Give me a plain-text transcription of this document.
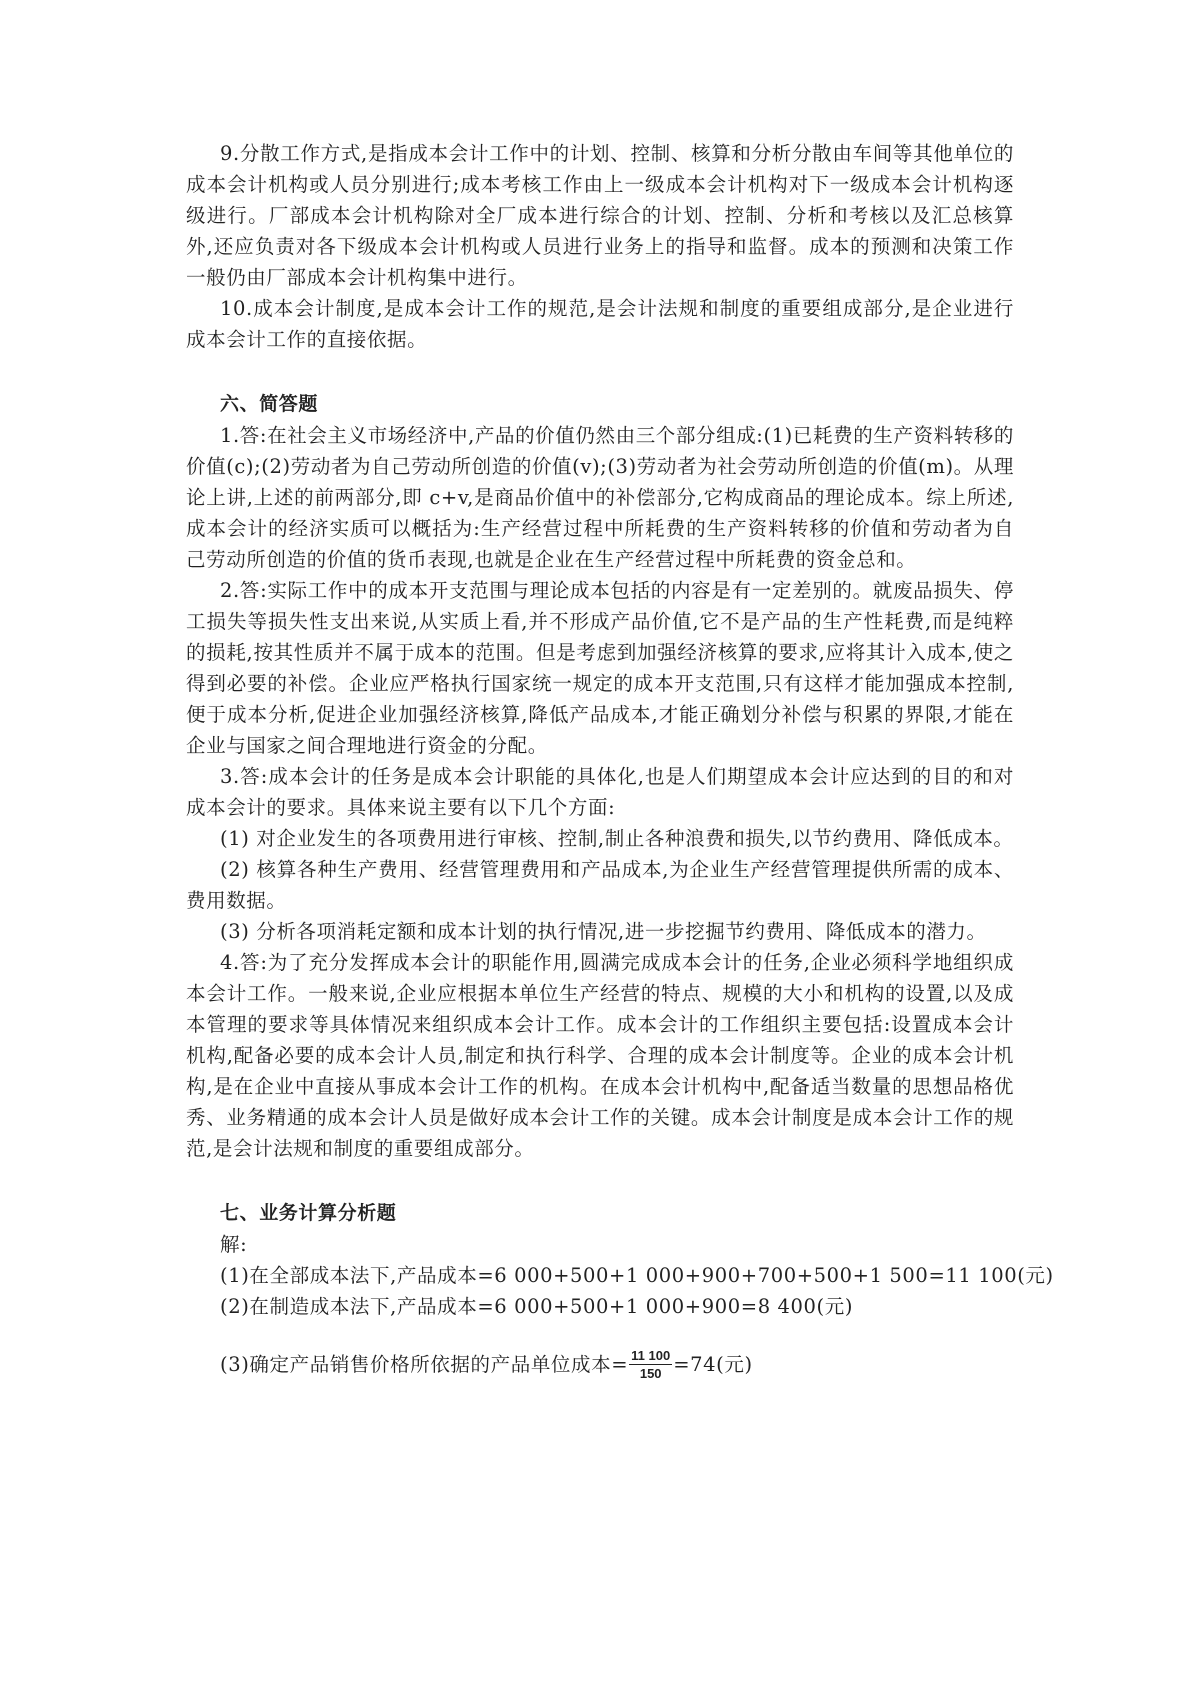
9.分散工作方式,是指成本会计工作中的计划、控制、核算和分析分散由车间等其他单位的成本会计机构或人员分别进行;成本考核工作由上一级成本会计机构对下一级成本会计机构逐级进行。厂部成本会计机构除对全厂成本进行综合的计划、控制、分析和考核以及汇总核算外,还应负责对各下级成本会计机构或人员进行业务上的指导和监督。成本的预测和决策工作一般仍由厂部成本会计机构集中进行。

10.成本会计制度,是成本会计工作的规范,是会计法规和制度的重要组成部分,是企业进行成本会计工作的直接依据。

六、简答题

1.答:在社会主义市场经济中,产品的价值仍然由三个部分组成:(1)已耗费的生产资料转移的价值(c);(2)劳动者为自己劳动所创造的价值(v);(3)劳动者为社会劳动所创造的价值(m)。从理论上讲,上述的前两部分,即 c+v,是商品价值中的补偿部分,它构成商品的理论成本。综上所述,成本会计的经济实质可以概括为:生产经营过程中所耗费的生产资料转移的价值和劳动者为自己劳动所创造的价值的货币表现,也就是企业在生产经营过程中所耗费的资金总和。

2.答:实际工作中的成本开支范围与理论成本包括的内容是有一定差别的。就废品损失、停工损失等损失性支出来说,从实质上看,并不形成产品价值,它不是产品的生产性耗费,而是纯粹的损耗,按其性质并不属于成本的范围。但是考虑到加强经济核算的要求,应将其计入成本,使之得到必要的补偿。企业应严格执行国家统一规定的成本开支范围,只有这样才能加强成本控制,便于成本分析,促进企业加强经济核算,降低产品成本,才能正确划分补偿与积累的界限,才能在企业与国家之间合理地进行资金的分配。

3.答:成本会计的任务是成本会计职能的具体化,也是人们期望成本会计应达到的目的和对成本会计的要求。具体来说主要有以下几个方面:

(1) 对企业发生的各项费用进行审核、控制,制止各种浪费和损失,以节约费用、降低成本。

(2) 核算各种生产费用、经营管理费用和产品成本,为企业生产经营管理提供所需的成本、费用数据。

(3) 分析各项消耗定额和成本计划的执行情况,进一步挖掘节约费用、降低成本的潜力。

4.答:为了充分发挥成本会计的职能作用,圆满完成成本会计的任务,企业必须科学地组织成本会计工作。一般来说,企业应根据本单位生产经营的特点、规模的大小和机构的设置,以及成本管理的要求等具体情况来组织成本会计工作。成本会计的工作组织主要包括:设置成本会计机构,配备必要的成本会计人员,制定和执行科学、合理的成本会计制度等。企业的成本会计机构,是在企业中直接从事成本会计工作的机构。在成本会计机构中,配备适当数量的思想品格优秀、业务精通的成本会计人员是做好成本会计工作的关键。成本会计制度是成本会计工作的规范,是会计法规和制度的重要组成部分。

七、业务计算分析题

解:

(1)在全部成本法下,产品成本=6 000+500+1 000+900+700+500+1 500=11 100(元)

(2)在制造成本法下,产品成本=6 000+500+1 000+900=8 400(元)

(3)确定产品销售价格所依据的产品单位成本= $\frac{11 100}{150} =74$(元)
